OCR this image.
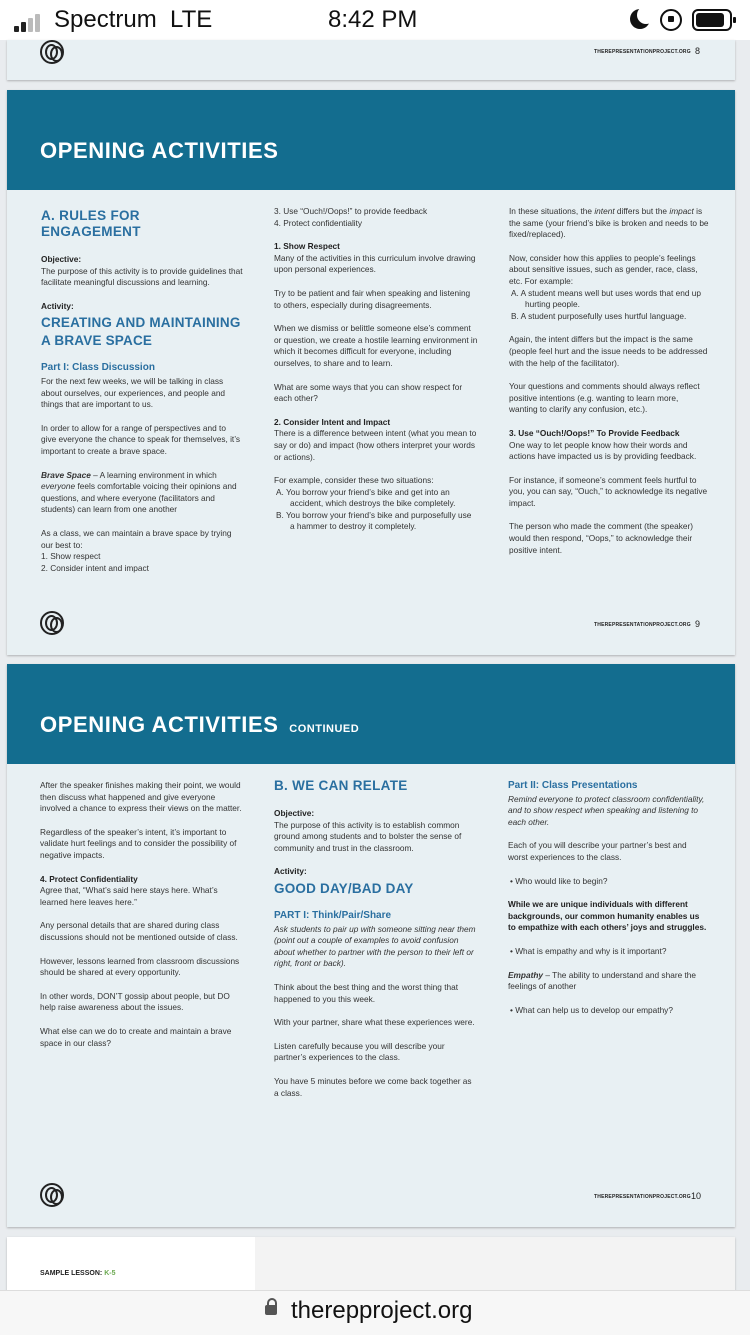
Spectrum LTE	8:42 PM
THEREPRESENTATIONPROJECT.ORG 8
OPENING ACTIVITIES
A. RULES FOR ENGAGEMENT
Objective:

The purpose of this activity is to provide guidelines that facilitate meaningful discussions and learning.

Activity:
CREATING AND MAINTAINING A BRAVE SPACE
Part I: Class Discussion

For the next few weeks, we will be talking in class about ourselves, our experiences, and people and things that are important to us.

In order to allow for a range of perspectives and to give everyone the chance to speak for themselves, it’s important to create a brave space.

Brave Space – A learning environment in which everyone feels comfortable voicing their opinions and questions, and where everyone (facilitators and students) can learn from one another

As a class, we can maintain a brave space by trying our best to:
1. Show respect
2. Consider intent and impact
3. Use “Ouch!/Oops!” to provide feedback

4. Protect confidentiality

1. Show Respect

Many of the activities in this curriculum involve drawing upon personal experiences.

Try to be patient and fair when speaking and listening to others, especially during disagreements.

When we dismiss or belittle someone else’s comment or question, we create a hostile learning environment in which it becomes difficult for everyone, including ourselves, to share and to learn.

What are some ways that you can show respect for each other?

2. Consider Intent and Impact

There is a difference between intent (what you mean to say or do) and impact (how others interpret your words or actions).

For example, consider these two situations:
A. You borrow your friend’s bike and get into an accident, which destroys the bike completely.
B. You borrow your friend’s bike and purposefully use a hammer to destroy it completely.

In these situations, the intent differs but the impact is the same (your friend’s bike is broken and needs to be fixed/replaced).

Now, consider how this applies to people’s feelings about sensitive issues, such as gender, race, class, etc. For example:
A. A student means well but uses words that end up hurting people.

B. A student purposefully uses hurtful language.

Again, the intent differs but the impact is the same (people feel hurt and the issue needs to be addressed with the help of the facilitator).

Your questions and comments should always reflect positive intentions (e.g. wanting to learn more, wanting to clarify any confusion, etc.).

3. Use “Ouch!/Oops!” To Provide Feedback

One way to let people know how their words and actions have impacted us is by providing feedback.

For instance, if someone’s comment feels hurtful to you, you can say, “Ouch,” to acknowledge its negative impact.

The person who made the comment (the speaker) would then respond, “Oops,” to acknowledge their positive intent.

THEREPRESENTATIONPROJECT.ORG 9
OPENING ACTIVITIES CONTINUED

After the speaker finishes making their point, we would then discuss what happened and give everyone involved a chance to express their views on the matter.

Regardless of the speaker’s intent, it’s important to validate hurt feelings and to consider the possibility of negative impacts.

4. Protect Confidentiality

Agree that, “What’s said here stays here. What’s learned here leaves here.”

Any personal details that are shared during class discussions should not be mentioned outside of class.

However, lessons learned from classroom discussions should be shared at every opportunity.

In other words, DON’T gossip about people, but DO help raise awareness about the issues.

What else can we do to create and maintain a brave space in our class?

B. WE CAN RELATE
Objective:

The purpose of this activity is to establish common ground among students and to bolster the sense of community and trust in the classroom.

Activity:
GOOD DAY/BAD DAY
PART I: Think/Pair/Share

Ask students to pair up with someone sitting near them (point out a couple of examples to avoid confusion about whether to partner with the person to their left or right, front or back).

Think about the best thing and the worst thing that happened to you this week.

With your partner, share what these experiences were.

Listen carefully because you will describe your partner’s experiences to the class.

You have 5 minutes before we come back together as a class.

Part II: Class Presentations

Remind everyone to protect classroom confidentiality, and to show respect when speaking and listening to each other.

Each of you will describe your partner’s best and worst experiences to the class.

• Who would like to begin?

While we are unique individuals with different backgrounds, our common humanity enables us to empathize with each others’ joys and struggles.

• What is empathy and why is it important?

Empathy – The ability to understand and share the feelings of another

• What can help us to develop our empathy?

THEREPRESENTATIONPROJECT.ORG 10
SAMPLE LESSON: K-5
therepproject.org
